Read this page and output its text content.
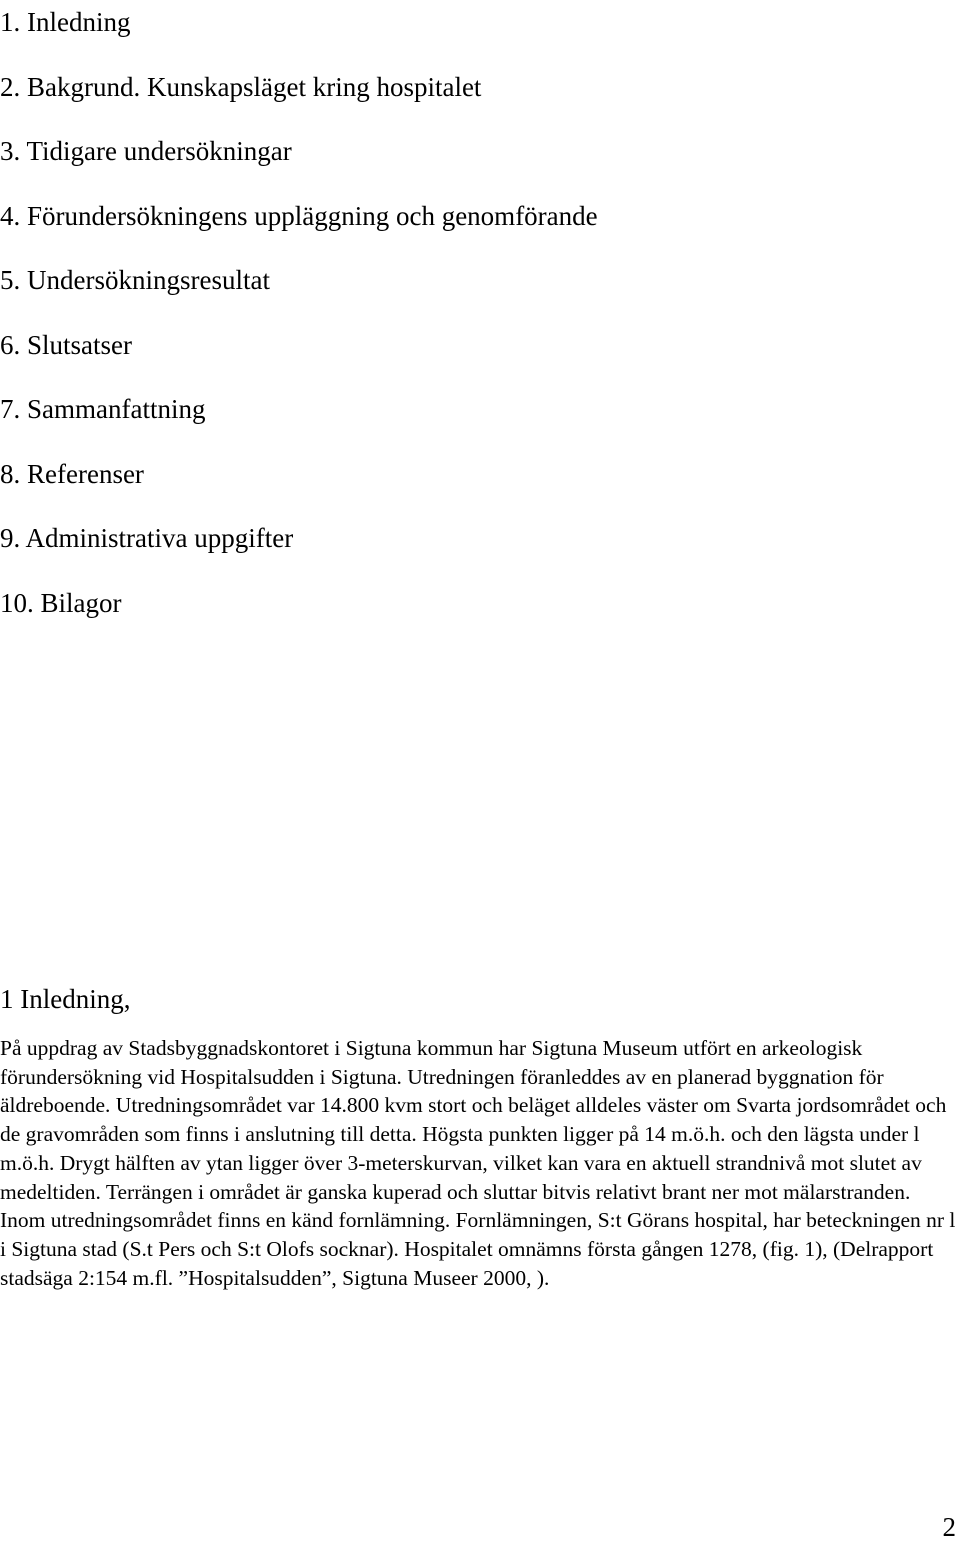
1. Inledning
2. Bakgrund. Kunskapsläget kring hospitalet
3. Tidigare undersökningar
4. Förundersökningens uppläggning och genomförande
5. Undersökningsresultat
6. Slutsatser
7. Sammanfattning
8. Referenser
9. Administrativa uppgifter
10. Bilagor
1 Inledning,

På uppdrag av Stadsbyggnadskontoret i Sigtuna kommun har Sigtuna Museum utfört en arkeologisk förundersökning vid Hospitalsudden i Sigtuna. Utredningen föranleddes av en planerad byggnation för äldreboende. Utredningsområdet var 14.800 kvm stort och beläget alldeles väster om Svarta jordsområdet och de gravområden som finns i anslutning till detta. Högsta punkten ligger på 14 m.ö.h. och den lägsta under l m.ö.h. Drygt hälften av ytan ligger över 3-meterskurvan, vilket kan vara en aktuell strandnivå mot slutet av medeltiden. Terrängen i området är ganska kuperad och sluttar bitvis relativt brant ner mot mälarstranden. Inom utredningsområdet finns en känd fornlämning. Fornlämningen, S:t Görans hospital, har beteckningen nr l i Sigtuna stad (S.t Pers och S:t Olofs socknar). Hospitalet omnämns första gången 1278, (fig. 1), (Delrapport stadsäga 2:154 m.fl. ”Hospitalsudden”, Sigtuna Museer 2000, ).

2
